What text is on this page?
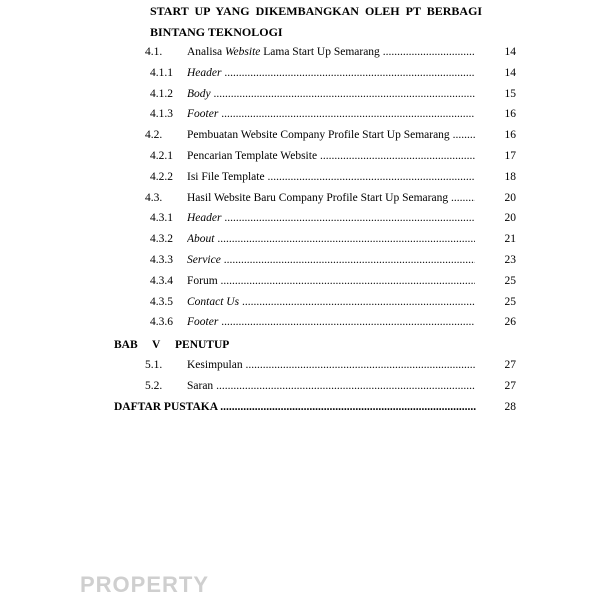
START UP YANG DIKEMBANGKAN OLEH PT BERBAGI
BINTANG TEKNOLOGI
4.1. Analisa Website Lama Start Up Semarang .....	14
4.1.1 Header .....	14
4.1.2 Body .....	15
4.1.3 Footer .....	16
4.2. Pembuatan Website Company Profile Start Up Semarang .....	16
4.2.1 Pencarian Template Website .....	17
4.2.2 Isi File Template .....	18
4.3. Hasil Website Baru Company Profile Start Up Semarang .....	20
4.3.1 Header .....	20
4.3.2 About .....	21
4.3.3 Service .....	23
4.3.4 Forum .....	25
4.3.5 Contact Us .....	25
4.3.6 Footer .....	26
BAB V PENUTUP
5.1. Kesimpulan .....	27
5.2. Saran .....	27
DAFTAR PUSTAKA .....	28
PROPERTY
